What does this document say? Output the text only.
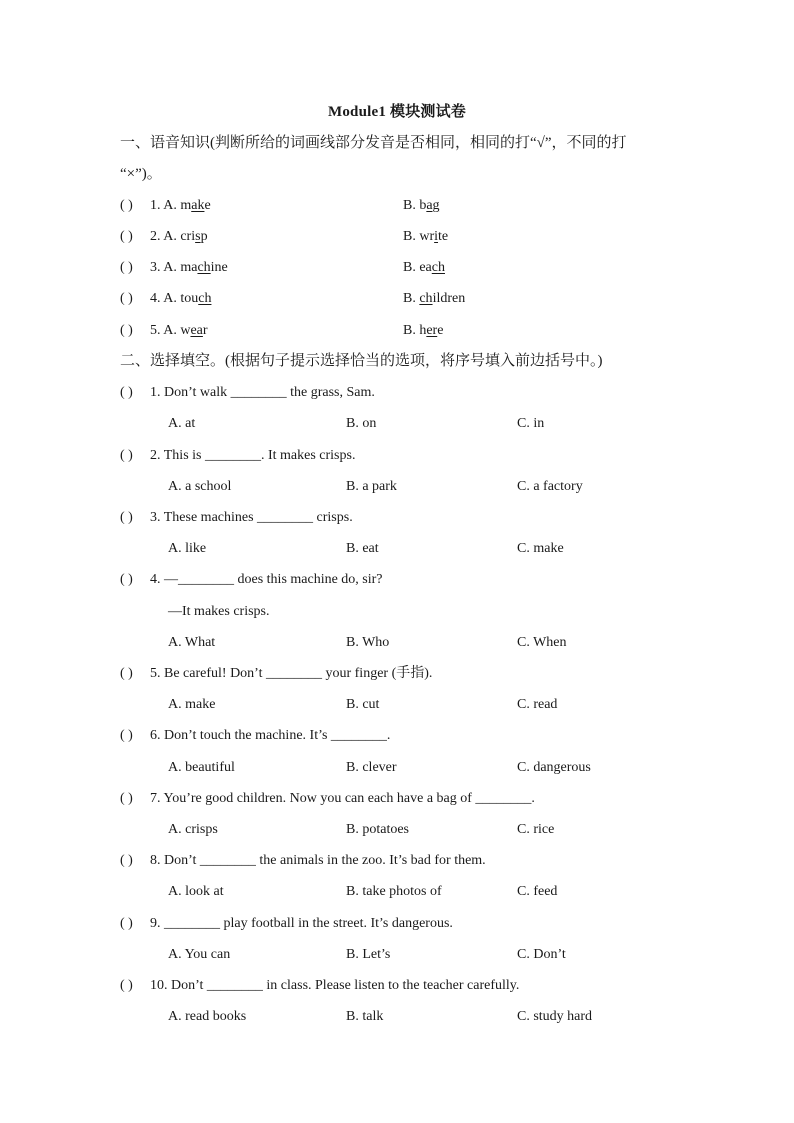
Module1 模块测试卷
一、语音知识(判断所给的词画线部分发音是否相同，相同的打“√”，不同的打
“×”)。
( ) 1. A. make	B. bag
( ) 2. A. crisp	B. write
( ) 3. A. machine	B. each
( ) 4. A. touch	B. children
( ) 5. A. wear	B. here
二、选择填空。(根据句子提示选择恰当的选项，将序号填入前边括号中。)
( ) 1. Don’t walk ________ the grass, Sam.
A. at	B. on	C. in
( ) 2. This is ________. It makes crisps.
A. a school	B. a park	C. a factory
( ) 3. These machines ________ crisps.
A. like	B. eat	C. make
( ) 4. —________ does this machine do, sir?
—It makes crisps.
A. What	B. Who	C. When
( ) 5. Be careful! Don’t ________ your finger (手指).
A. make	B. cut	C. read
( ) 6. Don’t touch the machine. It’s ________.
A. beautiful	B. clever	C. dangerous
( ) 7. You’re good children. Now you can each have a bag of ________.
A. crisps	B. potatoes	C. rice
( ) 8. Don’t ________ the animals in the zoo. It’s bad for them.
A. look at	B. take photos of	C. feed
( ) 9. ________ play football in the street. It’s dangerous.
A. You can	B. Let’s	C. Don’t
( ) 10. Don’t ________ in class. Please listen to the teacher carefully.
A. read books	B. talk	C. study hard
